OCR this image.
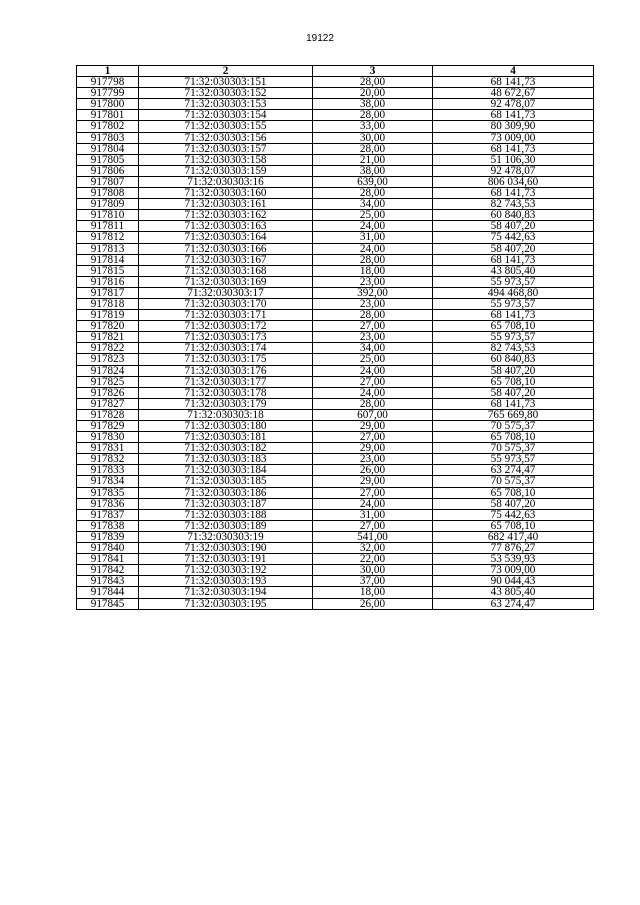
19122
1	2	3	4
917798	71:32:030303:151	28,00	68 141,73
917799	71:32:030303:152	20,00	48 672,67
917800	71:32:030303:153	38,00	92 478,07
917801	71:32:030303:154	28,00	68 141,73
917802	71:32:030303:155	33,00	80 309,90
917803	71:32:030303:156	30,00	73 009,00
917804	71:32:030303:157	28,00	68 141,73
917805	71:32:030303:158	21,00	51 106,30
917806	71:32:030303:159	38,00	92 478,07
917807	71:32:030303:16	639,00	806 034,60
917808	71:32:030303:160	28,00	68 141,73
917809	71:32:030303:161	34,00	82 743,53
917810	71:32:030303:162	25,00	60 840,83
917811	71:32:030303:163	24,00	58 407,20
917812	71:32:030303:164	31,00	75 442,63
917813	71:32:030303:166	24,00	58 407,20
917814	71:32:030303:167	28,00	68 141,73
917815	71:32:030303:168	18,00	43 805,40
917816	71:32:030303:169	23,00	55 973,57
917817	71:32:030303:17	392,00	494 468,80
917818	71:32:030303:170	23,00	55 973,57
917819	71:32:030303:171	28,00	68 141,73
917820	71:32:030303:172	27,00	65 708,10
917821	71:32:030303:173	23,00	55 973,57
917822	71:32:030303:174	34,00	82 743,53
917823	71:32:030303:175	25,00	60 840,83
917824	71:32:030303:176	24,00	58 407,20
917825	71:32:030303:177	27,00	65 708,10
917826	71:32:030303:178	24,00	58 407,20
917827	71:32:030303:179	28,00	68 141,73
917828	71:32:030303:18	607,00	765 669,80
917829	71:32:030303:180	29,00	70 575,37
917830	71:32:030303:181	27,00	65 708,10
917831	71:32:030303:182	29,00	70 575,37
917832	71:32:030303:183	23,00	55 973,57
917833	71:32:030303:184	26,00	63 274,47
917834	71:32:030303:185	29,00	70 575,37
917835	71:32:030303:186	27,00	65 708,10
917836	71:32:030303:187	24,00	58 407,20
917837	71:32:030303:188	31,00	75 442,63
917838	71:32:030303:189	27,00	65 708,10
917839	71:32:030303:19	541,00	682 417,40
917840	71:32:030303:190	32,00	77 876,27
917841	71:32:030303:191	22,00	53 539,93
917842	71:32:030303:192	30,00	73 009,00
917843	71:32:030303:193	37,00	90 044,43
917844	71:32:030303:194	18,00	43 805,40
917845	71:32:030303:195	26,00	63 274,47
